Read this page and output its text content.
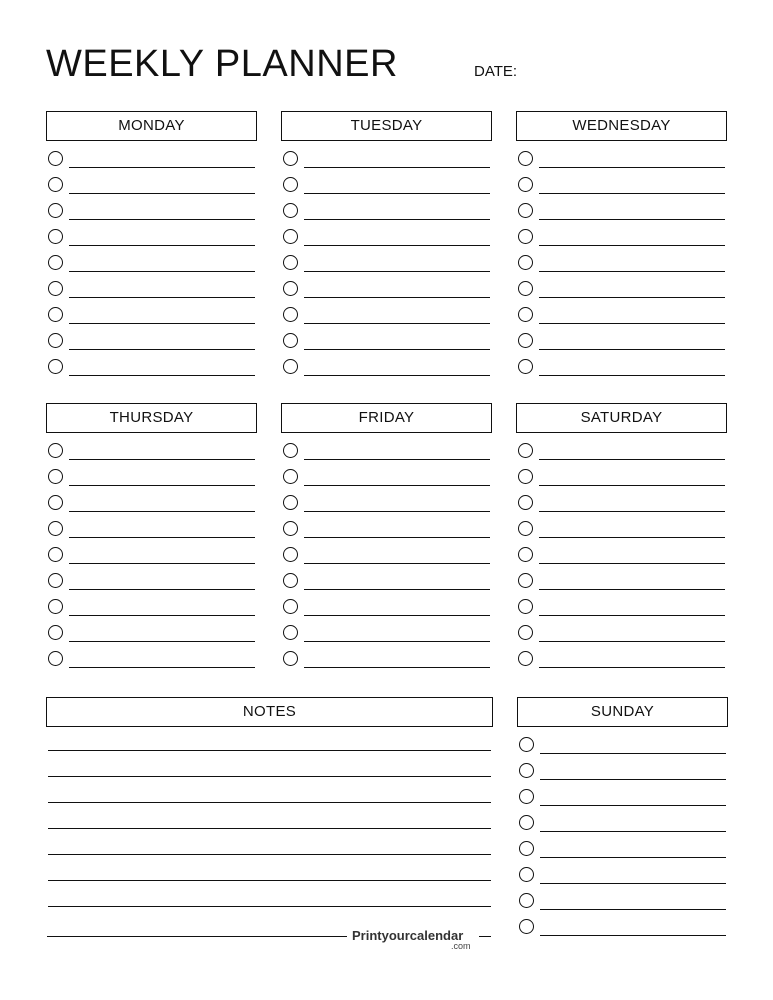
WEEKLY PLANNER	DATE:
MONDAY	TUESDAY	WEDNESDAY
THURSDAY	FRIDAY	SATURDAY
SUNDAY
NOTES
Printyourcalendar
.com
